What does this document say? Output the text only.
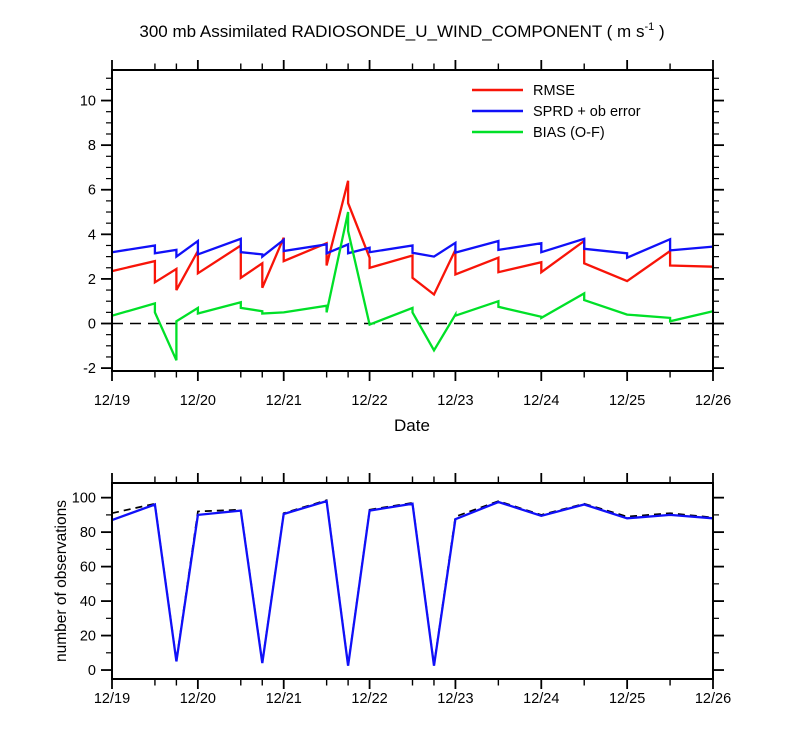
300 mb Assimilated RADIOSONDE_U_WIND_COMPONENT ( m $s^{-1}$ )
-2
0
2
4
6
8
10
12/19	12/20	12/21	12/22	12/23	12/24	12/25	12/26
0
20
40
60
80
100
12/19	12/20	12/21	12/22	12/23	12/24	12/25	12/26
RMSE
SPRD + ob error
BIAS (O-F)
Date
number of observations
